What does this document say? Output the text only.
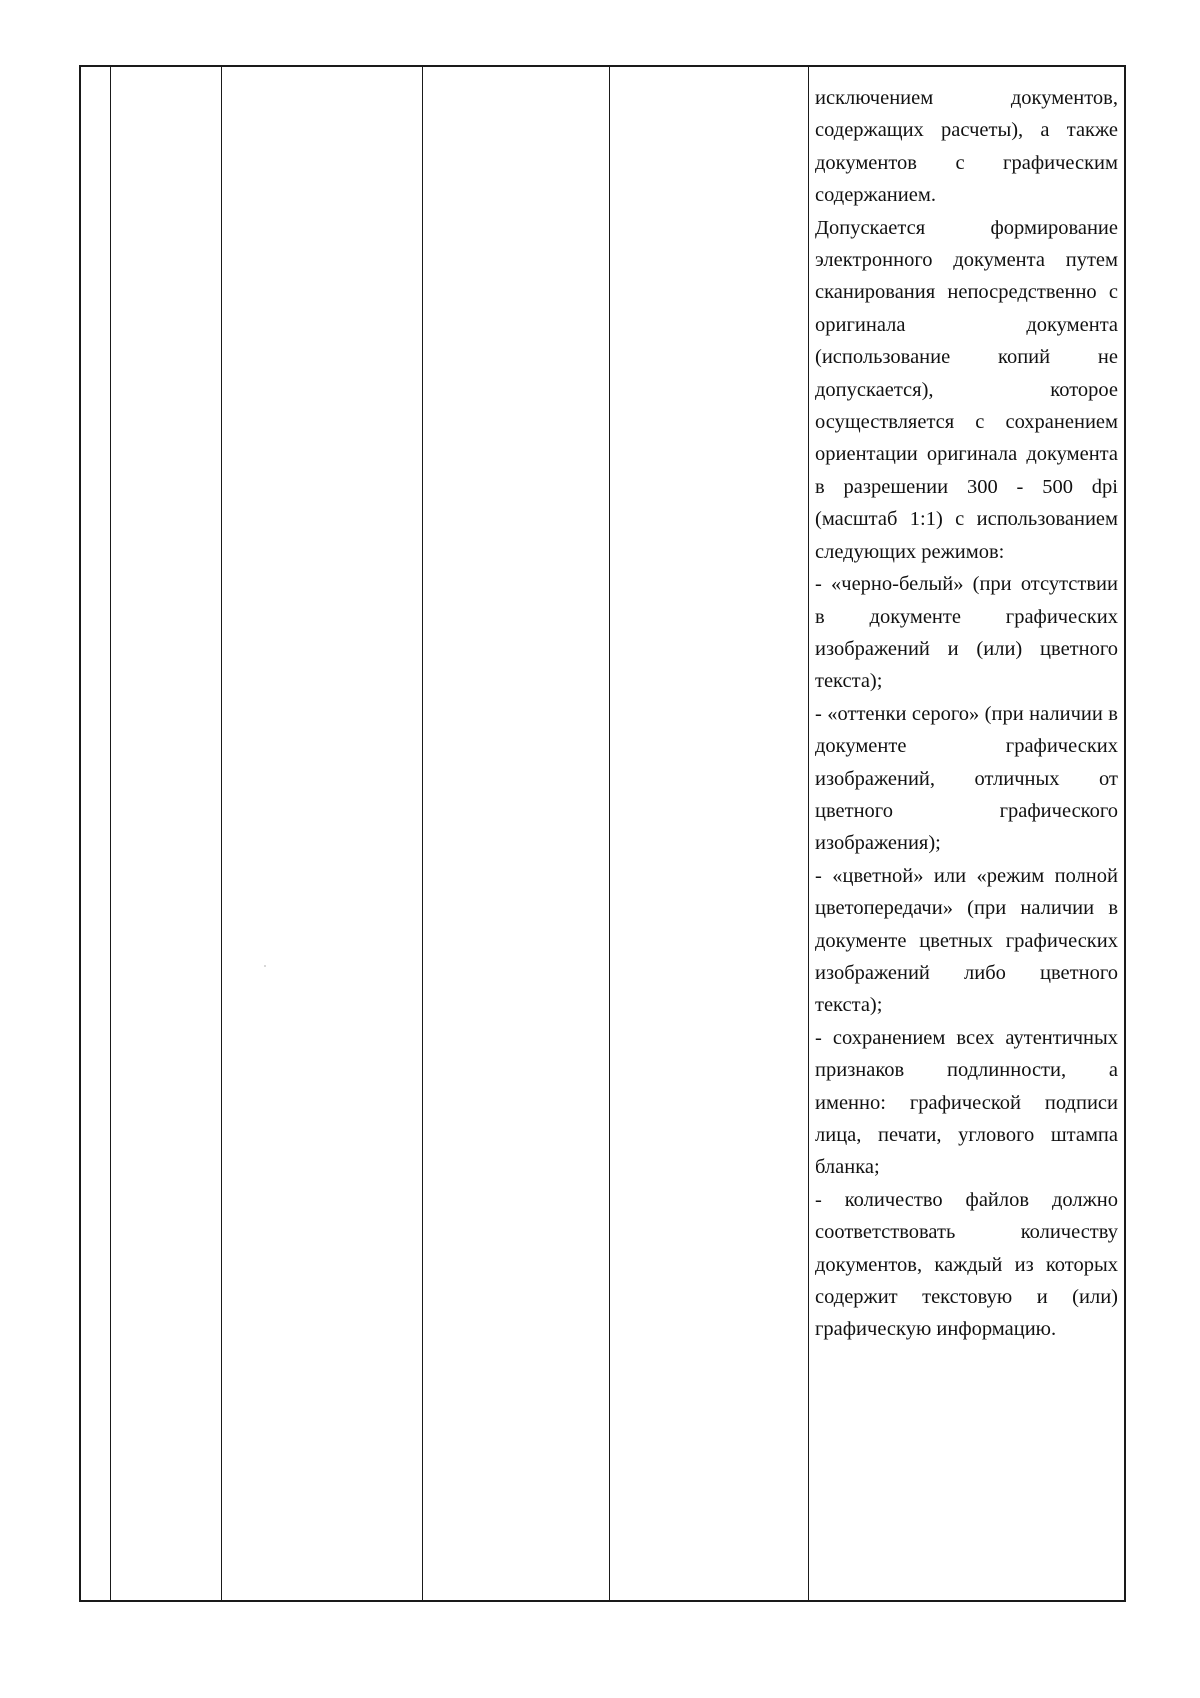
исключением документов, содержащих расчеты), а также документов с графическим содержанием.

Допускается формирование электронного документа путем сканирования непосредственно с оригинала документа (использование копий не допускается), которое осуществляется с сохранением ориентации оригинала документа в разрешении 300 - 500 dpi (масштаб 1:1) с использованием следующих режимов:

- «черно-белый» (при отсутствии в документе графических изображений и (или) цветного текста);

- «оттенки серого» (при наличии в документе графических изображений, отличных от цветного графического изображения);

- «цветной» или «режим полной цветопередачи» (при наличии в документе цветных графических изображений либо цветного текста);

- сохранением всех аутентичных признаков подлинности, а именно: графической подписи лица, печати, углового штампа бланка;

- количество файлов должно соответствовать количеству документов, каждый из которых содержит текстовую и (или) графическую информацию.
